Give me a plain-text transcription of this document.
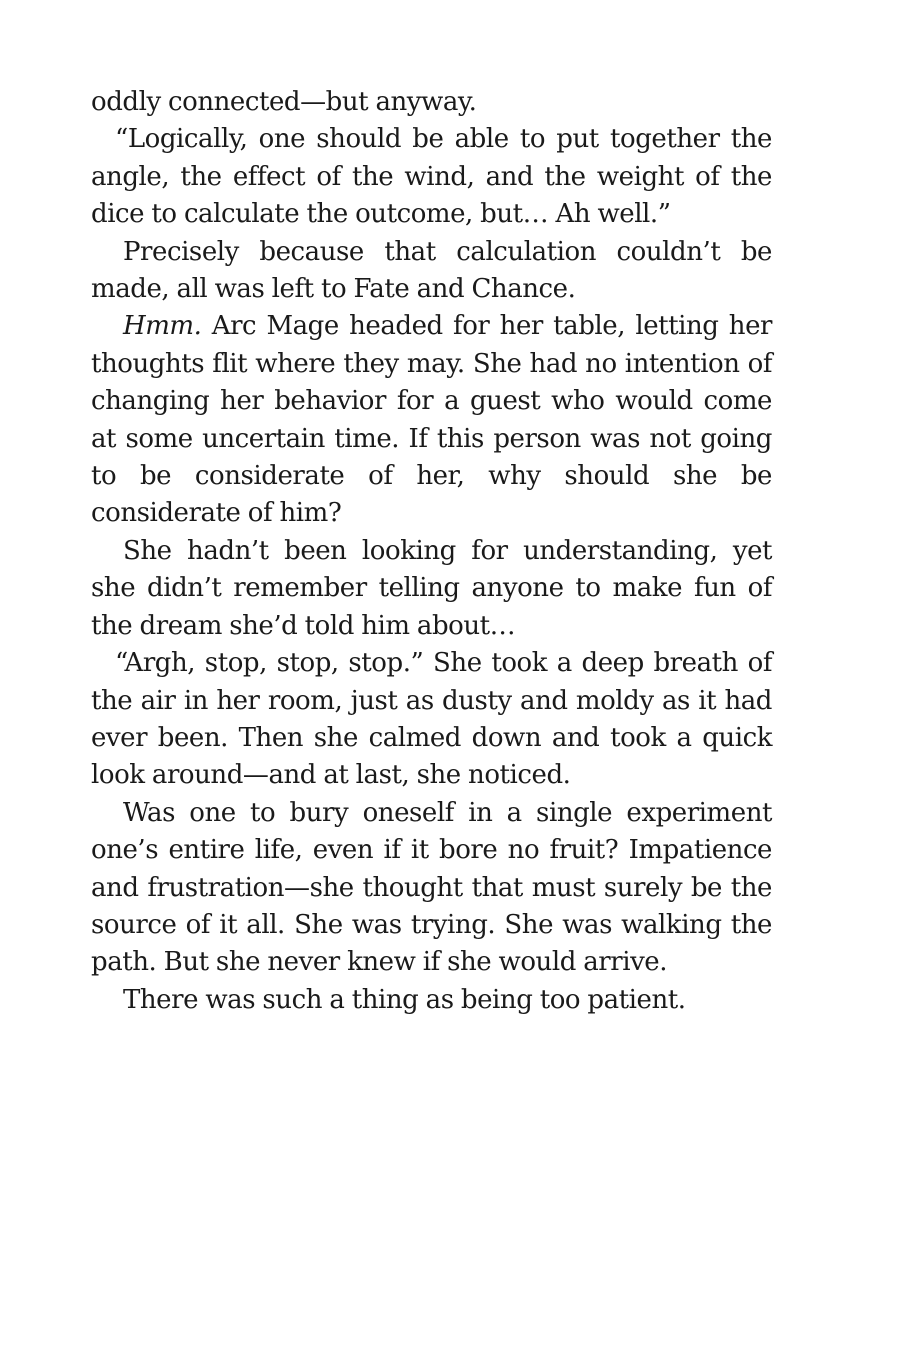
oddly connected—but anyway.

“Logically, one should be able to put together the angle, the effect of the wind, and the weight of the dice to calculate the outcome, but… Ah well.”

Precisely because that calculation couldn’t be made, all was left to Fate and Chance.

Hmm. Arc Mage headed for her table, letting her thoughts flit where they may. She had no intention of changing her behavior for a guest who would come at some uncertain time. If this person was not going to be considerate of her, why should she be considerate of him?

She hadn’t been looking for understanding, yet she didn’t remember telling anyone to make fun of the dream she’d told him about…

“Argh, stop, stop, stop.” She took a deep breath of the air in her room, just as dusty and moldy as it had ever been. Then she calmed down and took a quick look around—and at last, she noticed.

Was one to bury oneself in a single experiment one’s entire life, even if it bore no fruit? Impatience and frustration—she thought that must surely be the source of it all. She was trying. She was walking the path. But she never knew if she would arrive.

There was such a thing as being too patient.
